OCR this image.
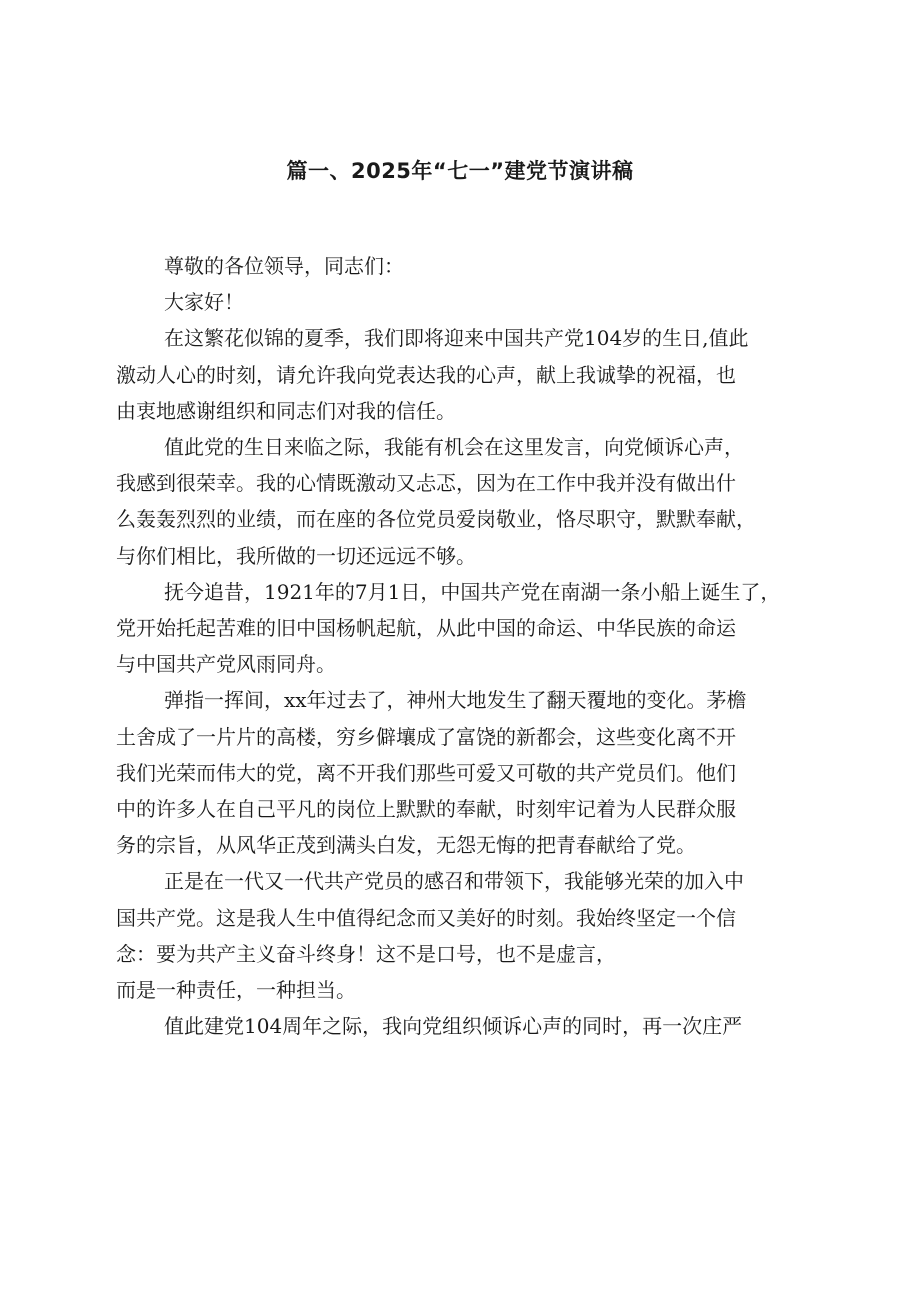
篇一、2025年“七一”建党节演讲稿

尊敬的各位领导，同志们：

大家好！

在这繁花似锦的夏季，我们即将迎来中国共产党104岁的生日,值此

激动人心的时刻，请允许我向党表达我的心声，献上我诚挚的祝福，也

由衷地感谢组织和同志们对我的信任。

值此党的生日来临之际，我能有机会在这里发言，向党倾诉心声，

我感到很荣幸。我的心情既激动又忐忑，因为在工作中我并没有做出什

么轰轰烈烈的业绩，而在座的各位党员爱岗敬业，恪尽职守，默默奉献，

与你们相比，我所做的一切还远远不够。

抚今追昔，1921年的7月1日，中国共产党在南湖一条小船上诞生了，

党开始托起苦难的旧中国杨帆起航，从此中国的命运、中华民族的命运

与中国共产党风雨同舟。

弹指一挥间，xx年过去了，神州大地发生了翻天覆地的变化。茅檐

土舍成了一片片的高楼，穷乡僻壤成了富饶的新都会，这些变化离不开

我们光荣而伟大的党，离不开我们那些可爱又可敬的共产党员们。他们

中的许多人在自己平凡的岗位上默默的奉献，时刻牢记着为人民群众服

务的宗旨，从风华正茂到满头白发，无怨无悔的把青春献给了党。

正是在一代又一代共产党员的感召和带领下，我能够光荣的加入中

国共产党。这是我人生中值得纪念而又美好的时刻。我始终坚定一个信

念：要为共产主义奋斗终身！这不是口号，也不是虚言，

而是一种责任，一种担当。

值此建党104周年之际，我向党组织倾诉心声的同时，再一次庄严
